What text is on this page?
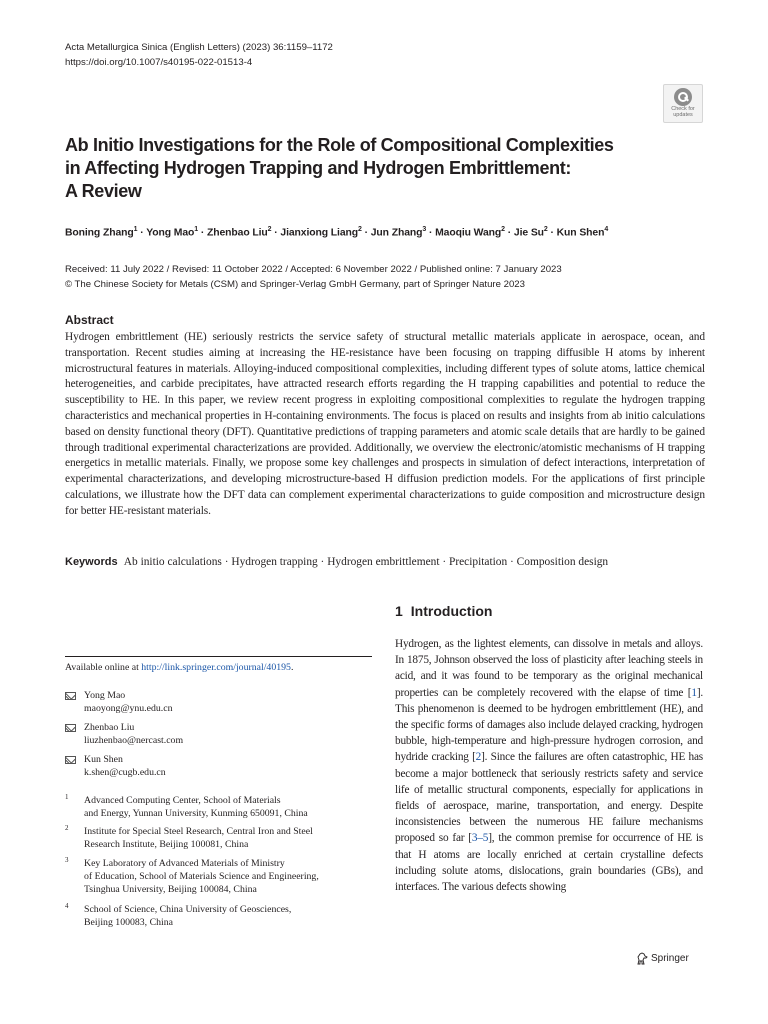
Acta Metallurgica Sinica (English Letters) (2023) 36:1159–1172
https://doi.org/10.1007/s40195-022-01513-4
Check for
updates
Ab Initio Investigations for the Role of Compositional Complexities
in Affecting Hydrogen Trapping and Hydrogen Embrittlement:
A Review
Boning Zhang$^1$ · Yong Mao$^1$ · Zhenbao Liu$^2$ · Jianxiong Liang$^2$ · Jun Zhang$^3$ · Maoqiu Wang$^2$ · Jie $Su^2$ · Kun Shen$^4$
Received: 11 July 2022 / Revised: 11 October 2022 / Accepted: 6 November 2022 / Published online: 7 January 2023
© The Chinese Society for Metals (CSM) and Springer-Verlag GmbH Germany, part of Springer Nature 2023
Abstract

Hydrogen embrittlement (HE) seriously restricts the service safety of structural metallic materials applicate in aerospace, ocean, and transportation. Recent studies aiming at increasing the HE-resistance have been focusing on trapping diffusible H atoms by inherent microstructural features in materials. Alloying-induced compositional complexities, including different types of solute atoms, lattice chemical heterogeneities, and carbide precipitates, have attracted research efforts regarding the H trapping capabilities and potential to reduce the susceptibility to HE. In this paper, we review recent progress in exploiting compositional complexities to regulate the hydrogen trapping characteristics and mechanical properties in H-containing environments. The focus is placed on results and insights from ab initio calculations based on density functional theory (DFT). Quantitative predictions of trapping parameters and atomic scale details that are hardly to be gained through traditional experimental characterizations are provided. Additionally, we overview the electronic/atomistic mechanisms of H trapping energetics in metallic materials. Finally, we propose some key challenges and prospects in simulation of defect interactions, interpretation of experimental characterizations, and developing microstructure-based H diffusion prediction models. For the applications of first principle calculations, we illustrate how the DFT data can complement experimental characterizations to guide composition and microstructure design for better HE-resistant materials.

Keywords Ab initio calculations · Hydrogen trapping · Hydrogen embrittlement · Precipitation · Composition design
1 Introduction

Hydrogen, as the lightest elements, can dissolve in metals and alloys. In 1875, Johnson observed the loss of plasticity after leaching steels in acid, and it was found to be temporary as the original mechanical properties can be completely recovered with the elapse of time [1]. This phenomenon is deemed to be hydrogen embrittlement (HE), and the specific forms of damages also include delayed cracking, hydrogen bubble, high-temperature and high-pressure hydrogen corrosion, and hydride cracking [2]. Since the failures are often catastrophic, HE has become a major bottleneck that seriously restricts safety and service life of metallic structural components, especially for applications in fields of aerospace, marine, transportation, and energy. Despite inconsistencies between the numerous HE failure mechanisms proposed so far [3–5], the common premise for occurrence of HE is that H atoms are locally enriched at certain crystalline defects including solute atoms, dislocations, grain boundaries (GBs), and interfaces. The various defects showing

Available online at http://link.springer.com/journal/40195.
Yong Mao
maoyong@ynu.edu.cn
Zhenbao Liu
liuzhenbao@nercast.com
Kun Shen
k.shen@cugb.edu.cn
1 Advanced Computing Center, School of Materials
and Energy, Yunnan University, Kunming 650091, China
2 Institute for Special Steel Research, Central Iron and Steel
Research Institute, Beijing 100081, China
3 Key Laboratory of Advanced Materials of Ministry
of Education, School of Materials Science and Engineering,
Tsinghua University, Beijing 100084, China
4 School of Science, China University of Geosciences,
Beijing 100083, China
Springer
